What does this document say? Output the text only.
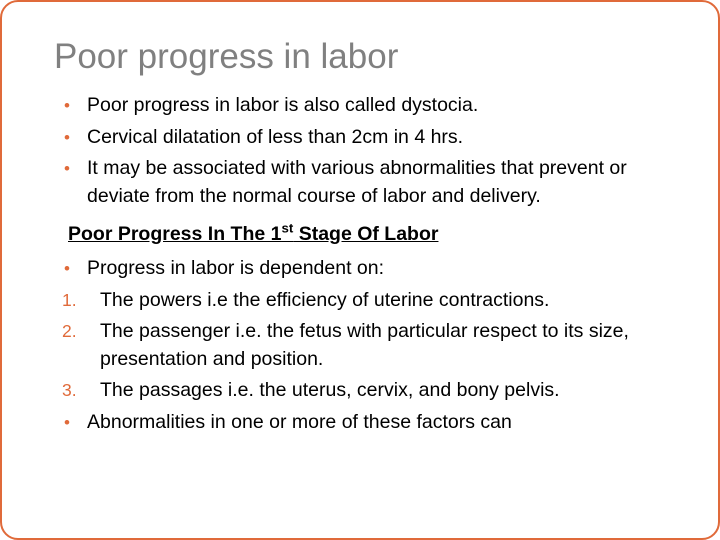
Poor progress in labor
• Poor progress in labor is also called dystocia.
• Cervical dilatation of less than 2cm in 4 hrs.
• It may be associated with various abnormalities that prevent or deviate from the normal course of labor and delivery.
Poor Progress In The 1st Stage Of Labor
• Progress in labor is dependent on:
1. The powers i.e the efficiency of uterine contractions.
2. The passenger i.e. the fetus with particular respect to its size, presentation and position.
3. The passages i.e. the uterus, cervix, and bony pelvis.
• Abnormalities in one or more of these factors can
